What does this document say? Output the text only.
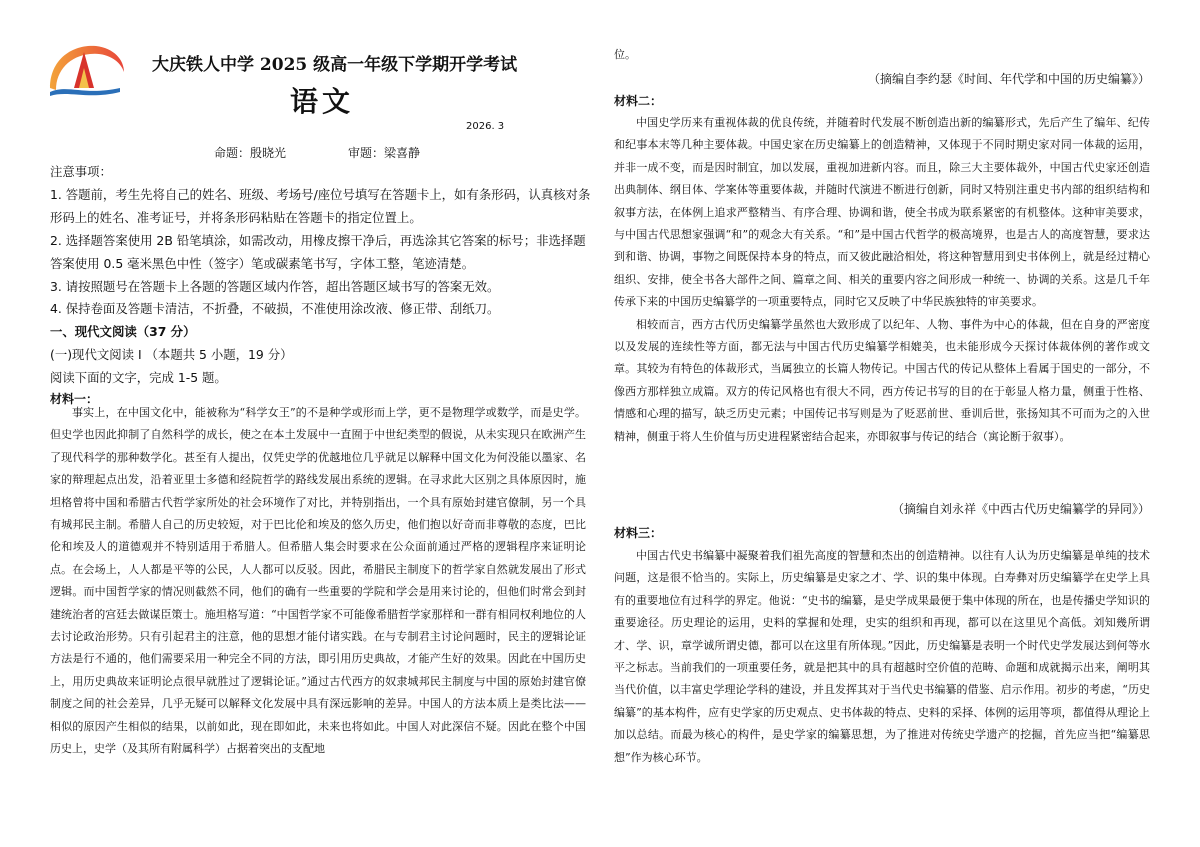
大庆铁人中学 2025 级高一年级下学期开学考试
语文
2026. 3
命题：殷晓光	审题：梁喜静
注意事项：
1. 答题前，考生先将自己的姓名、班级、考场号/座位号填写在答题卡上，如有条形码，认真核对条
形码上的姓名、准考证号，并将条形码粘贴在答题卡的指定位置上。
2. 选择题答案使用 2B 铅笔填涂，如需改动，用橡皮擦干净后，再选涂其它答案的标号；非选择题
答案使用 0.5 毫米黑色中性（签字）笔或碳素笔书写，字体工整，笔迹清楚。
3. 请按照题号在答题卡上各题的答题区域内作答，超出答题区域书写的答案无效。
4. 保持卷面及答题卡清洁，不折叠，不破损，不准使用涂改液、修正带、刮纸刀。
一、现代文阅读（37 分）
(一)现代文阅读 I （本题共 5 小题，19 分）
阅读下面的文字，完成 1-5 题。
材料一：

事实上，在中国文化中，能被称为“科学女王”的不是种学或形而上学，更不是物理学或数学，而是史学。但史学也因此抑制了自然科学的成长，使之在本土发展中一直囿于中世纪类型的假说，从未实现只在欧洲产生了现代科学的那种数学化。甚至有人提出，仅凭史学的优越地位几乎就足以解释中国文化为何没能以墨家、名家的辩理起点出发，沿着亚里士多德和经院哲学的路线发展出系统的逻辑。在寻求此大区别之具体原因时，施坦格曾将中国和希腊古代哲学家所处的社会环境作了对比，并特别指出，一个具有原始封建官僚制，另一个具有城邦民主制。希腊人自己的历史较短，对于巴比伦和埃及的悠久历史，他们抱以好奇而非尊敬的态度，巴比伦和埃及人的道德观并不特别适用于希腊人。但希腊人集会时要求在公众面前通过严格的逻辑程序来证明论点。在会场上，人人都是平等的公民，人人都可以反驳。因此，希腊民主制度下的哲学家自然就发展出了形式逻辑。而中国哲学家的情况则截然不同，他们的确有一些重要的学院和学会是用来讨论的，但他们时常会到封建统治者的宫廷去做谋臣策士。施坦格写道：“中国哲学家不可能像希腊哲学家那样和一群有相同权利地位的人去讨论政治形势。只有引起君主的注意，他的思想才能付诸实践。在与专制君主讨论问题时，民主的逻辑论证方法是行不通的，他们需要采用一种完全不同的方法，即引用历史典故，才能产生好的效果。因此在中国历史上，用历史典故来证明论点很早就胜过了逻辑论证。”通过古代西方的奴隶城邦民主制度与中国的原始封建官僚制度之间的社会差异，几乎无疑可以解释文化发展中具有深远影响的差异。中国人的方法本质上是类比法——相似的原因产生相似的结果，以前如此，现在即如此，未来也将如此。中国人对此深信不疑。因此在整个中国历史上，史学（及其所有附属科学）占据着突出的支配地

位。
（摘编自李约瑟《时间、年代学和中国的历史编纂》）
材料二：

中国史学历来有重视体裁的优良传统，并随着时代发展不断创造出新的编纂形式，先后产生了编年、纪传和纪事本末等几种主要体裁。中国史家在历史编纂上的创造精神，又体现于不同时期史家对同一体裁的运用，并非一成不变，而是因时制宜，加以发展，重视加进新内容。而且，除三大主要体裁外，中国古代史家还创造出典制体、纲目体、学案体等重要体裁，并随时代演进不断进行创新，同时又特别注重史书内部的组织结构和叙事方法，在体例上追求严整精当、有序合理、协调和谐，使全书成为联系紧密的有机整体。这种审美要求，与中国古代思想家强调“和”的观念大有关系。“和”是中国古代哲学的极高境界，也是古人的高度智慧，要求达到和谐、协调，事物之间既保持本身的特点，而又彼此融洽相处，将这种智慧用到史书体例上，就是经过精心组织、安排，使全书各大部件之间、篇章之间、相关的重要内容之间形成一种统一、协调的关系。这是几千年传承下来的中国历史编纂学的一项重要特点，同时它又反映了中华民族独特的审美要求。

相较而言，西方古代历史编纂学虽然也大致形成了以纪年、人物、事件为中心的体裁，但在自身的严密度以及发展的连续性等方面，都无法与中国古代历史编纂学相媲美，也未能形成今天探讨体裁体例的著作或文章。其较为有特色的体裁形式，当属独立的长篇人物传记。中国古代的传记从整体上看属于国史的一部分，不像西方那样独立成篇。双方的传记风格也有很大不同，西方传记书写的目的在于彰显人格力量，侧重于性格、情感和心理的描写，缺乏历史元素；中国传记书写则是为了贬恶前世、垂训后世，张扬知其不可而为之的入世精神，侧重于将人生价值与历史进程紧密结合起来，亦即叙事与传记的结合（寓论断于叙事）。

（摘编自刘永祥《中西古代历史编纂学的异同》）
材料三：

中国古代史书编纂中凝聚着我们祖先高度的智慧和杰出的创造精神。以往有人认为历史编纂是单纯的技术问题，这是很不恰当的。实际上，历史编纂是史家之才、学、识的集中体现。白寿彝对历史编纂学在史学上具有的重要地位有过科学的界定。他说：“史书的编纂，是史学成果最便于集中体现的所在，也是传播史学知识的重要途径。历史理论的运用，史料的掌握和处理，史实的组织和再现，都可以在这里见个高低。刘知幾所谓才、学、识，章学诚所谓史德，都可以在这里有所体现。”因此，历史编纂是表明一个时代史学发展达到何等水平之标志。当前我们的一项重要任务，就是把其中的具有超越时空价值的范畴、命题和成就揭示出来，阐明其当代价值，以丰富史学理论学科的建设，并且发挥其对于当代史书编纂的借鉴、启示作用。初步的考虑，“历史编纂”的基本构件，应有史学家的历史观点、史书体裁的特点、史料的采择、体例的运用等项，都值得从理论上加以总结。而最为核心的构件，是史学家的编纂思想，为了推进对传统史学遗产的挖掘，首先应当把“编纂思想”作为核心环节。
